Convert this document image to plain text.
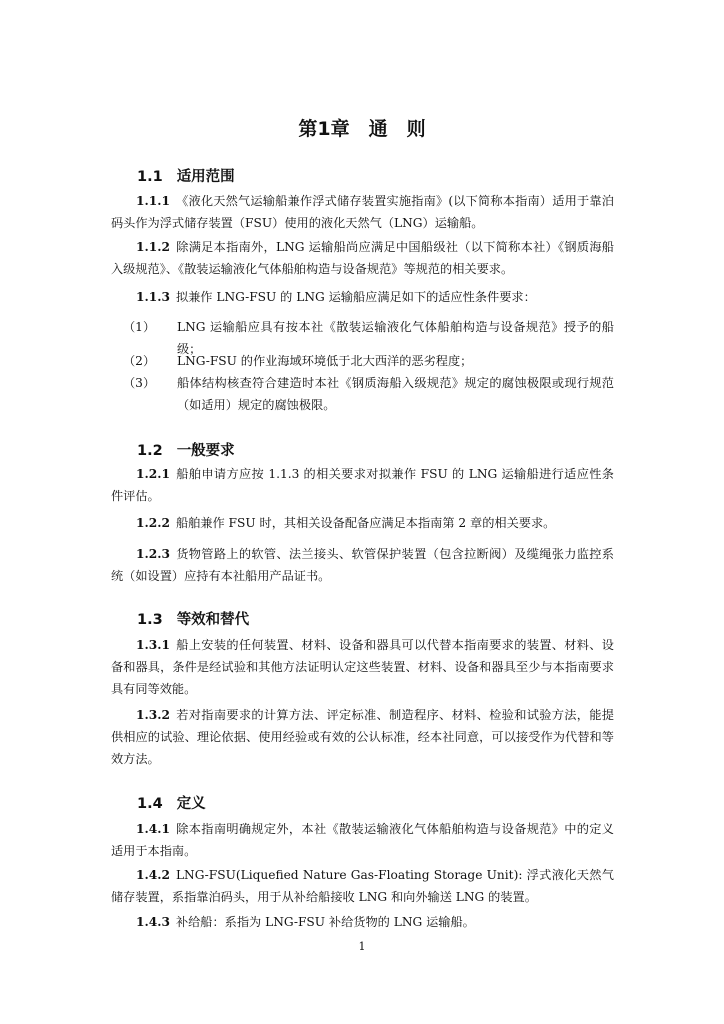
第1章　通　则
1.1 适用范围
1.1.1 《液化天然气运输船兼作浮式储存装置实施指南》(以下简称本指南）适用于靠泊码头作为浮式储存装置（FSU）使用的液化天然气（LNG）运输船。
1.1.2 除满足本指南外，LNG 运输船尚应满足中国船级社（以下简称本社）《钢质海船入级规范》、《散装运输液化气体船舶构造与设备规范》等规范的相关要求。
1.1.3 拟兼作 LNG-FSU 的 LNG 运输船应满足如下的适应性条件要求：
（1） LNG 运输船应具有按本社《散装运输液化气体船舶构造与设备规范》授予的船级；
（2） LNG-FSU 的作业海域环境低于北大西洋的恶劣程度；
（3） 船体结构核查符合建造时本社《钢质海船入级规范》规定的腐蚀极限或现行规范（如适用）规定的腐蚀极限。
1.2 一般要求
1.2.1 船舶申请方应按 1.1.3 的相关要求对拟兼作 FSU 的 LNG 运输船进行适应性条件评估。
1.2.2 船舶兼作 FSU 时，其相关设备配备应满足本指南第 2 章的相关要求。
1.2.3 货物管路上的软管、法兰接头、软管保护装置（包含拉断阀）及缆绳张力监控系统（如设置）应持有本社船用产品证书。
1.3 等效和替代
1.3.1 船上安装的任何装置、材料、设备和器具可以代替本指南要求的装置、材料、设备和器具，条件是经试验和其他方法证明认定这些装置、材料、设备和器具至少与本指南要求具有同等效能。
1.3.2 若对指南要求的计算方法、评定标准、制造程序、材料、检验和试验方法，能提供相应的试验、理论依据、使用经验或有效的公认标准，经本社同意，可以接受作为代替和等效方法。
1.4 定义
1.4.1 除本指南明确规定外，本社《散装运输液化气体船舶构造与设备规范》中的定义适用于本指南。
1.4.2 LNG-FSU(Liquefied Nature Gas-Floating Storage Unit): 浮式液化天然气储存装置，系指靠泊码头，用于从补给船接收 LNG 和向外输送 LNG 的装置。
1.4.3 补给船：系指为 LNG-FSU 补给货物的 LNG 运输船。
1
